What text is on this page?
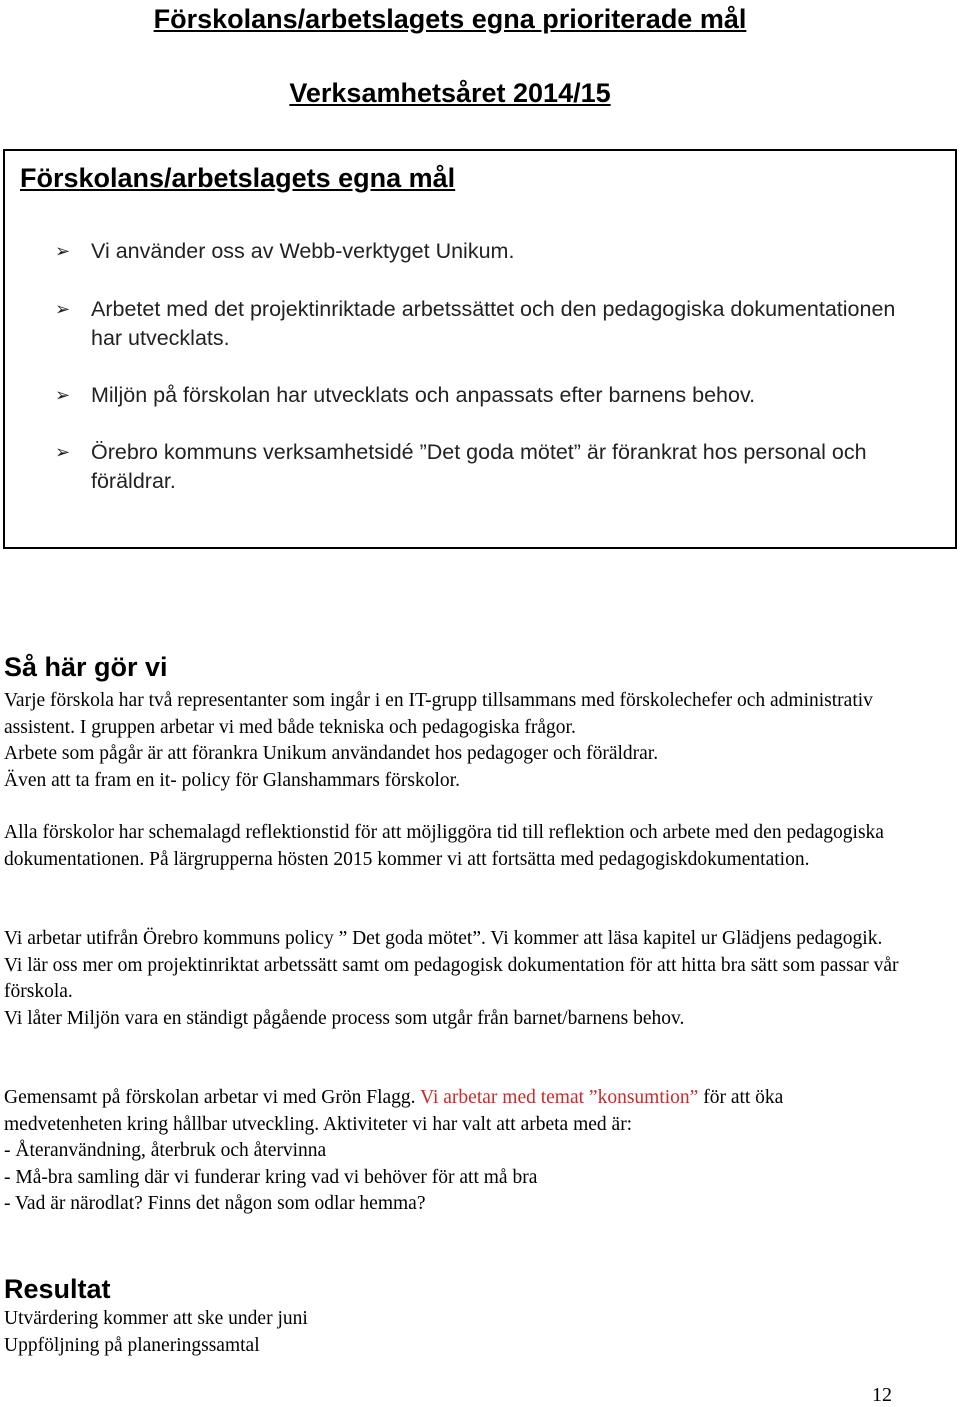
Förskolans/arbetslagets egna prioriterade mål
Verksamhetsåret 2014/15
Förskolans/arbetslagets egna mål
➢ Vi använder oss av Webb-verktyget Unikum.
➢ Arbetet med det projektinriktade arbetssättet och den pedagogiska dokumentationen har utvecklats.
➢ Miljön på förskolan har utvecklats och anpassats efter barnens behov.
➢ Örebro kommuns verksamhetsidé ”Det goda mötet” är förankrat hos personal och föräldrar.
Så här gör vi

Varje förskola har två representanter som ingår i en IT-grupp tillsammans med förskolechefer och administrativ assistent. I gruppen arbetar vi med både tekniska och pedagogiska frågor.

Arbete som pågår är att förankra Unikum användandet hos pedagoger och föräldrar.

Även att ta fram en it- policy för Glanshammars förskolor.

Alla förskolor har schemalagd reflektionstid för att möjliggöra tid till reflektion och arbete med den pedagogiska dokumentationen. På lärgrupperna hösten 2015 kommer vi att fortsätta med pedagogiskdokumentation.

Vi arbetar utifrån Örebro kommuns policy ” Det goda mötet”. Vi kommer att läsa kapitel ur Glädjens pedagogik.

Vi lär oss mer om projektinriktat arbetssätt samt om pedagogisk dokumentation för att hitta bra sätt som passar vår förskola.

Vi låter Miljön vara en ständigt pågående process som utgår från barnet/barnens behov.

Gemensamt på förskolan arbetar vi med Grön Flagg. Vi arbetar med temat ”konsumtion” för att öka medvetenheten kring hållbar utveckling. Aktiviteter vi har valt att arbeta med är:

- Återanvändning, återbruk och återvinna

- Må-bra samling där vi funderar kring vad vi behöver för att må bra

- Vad är närodlat? Finns det någon som odlar hemma?

Resultat

Utvärdering kommer att ske under juni

Uppföljning på planeringssamtal

12
